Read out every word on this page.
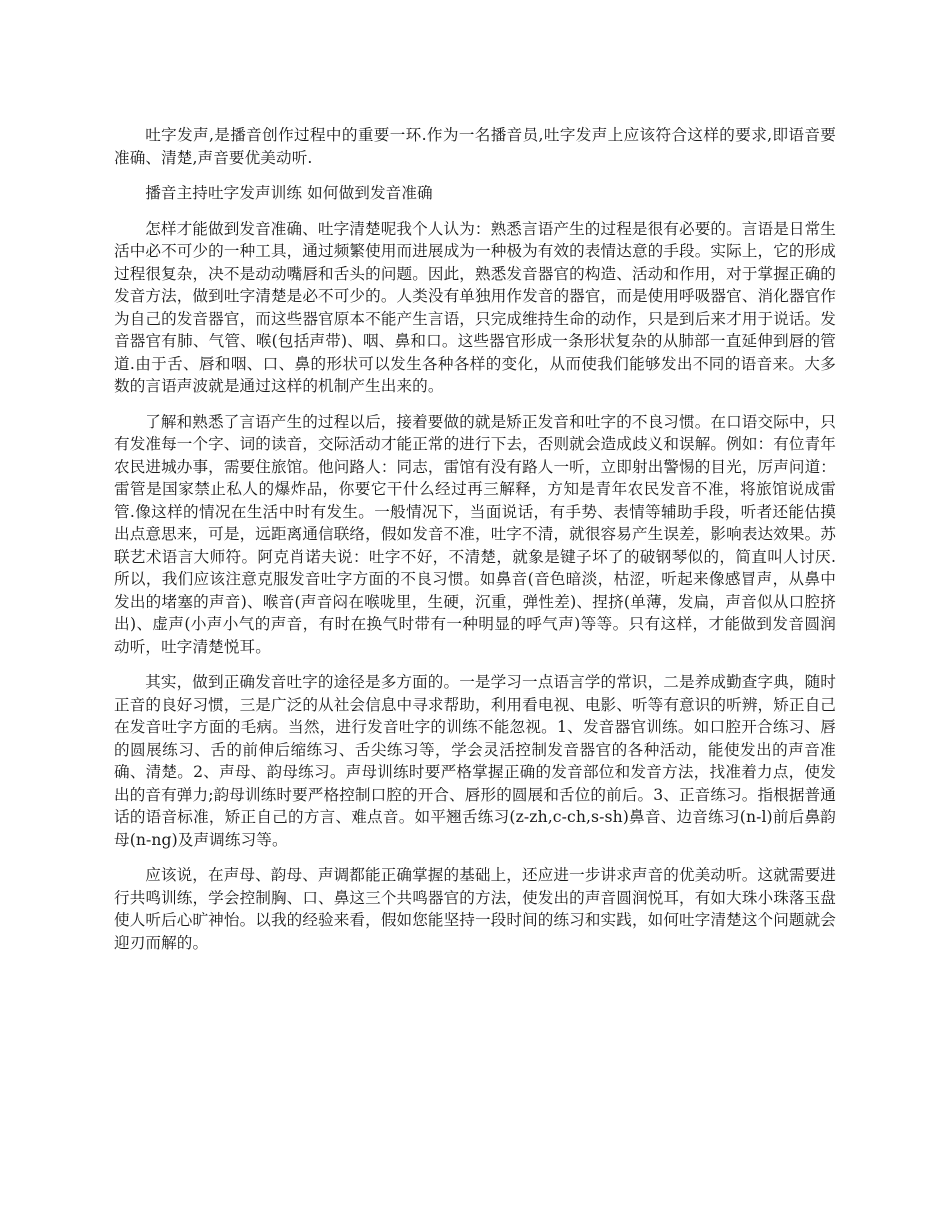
吐字发声,是播音创作过程中的重要一环.作为一名播音员,吐字发声上应该符合这样的要求,即语音要准确、清楚,声音要优美动听.

播音主持吐字发声训练 如何做到发音准确

怎样才能做到发音准确、吐字清楚呢我个人认为：熟悉言语产生的过程是很有必要的。言语是日常生活中必不可少的一种工具，通过频繁使用而进展成为一种极为有效的表情达意的手段。实际上，它的形成过程很复杂，决不是动动嘴唇和舌头的问题。因此，熟悉发音器官的构造、活动和作用，对于掌握正确的发音方法，做到吐字清楚是必不可少的。人类没有单独用作发音的器官，而是使用呼吸器官、消化器官作为自己的发音器官，而这些器官原本不能产生言语，只完成维持生命的动作，只是到后来才用于说话。发音器官有肺、气管、喉(包括声带)、咽、鼻和口。这些器官形成一条形状复杂的从肺部一直延伸到唇的管道.由于舌、唇和咽、口、鼻的形状可以发生各种各样的变化，从而使我们能够发出不同的语音来。大多数的言语声波就是通过这样的机制产生出来的。

了解和熟悉了言语产生的过程以后，接着要做的就是矫正发音和吐字的不良习惯。在口语交际中，只有发准每一个字、词的读音，交际活动才能正常的进行下去，否则就会造成歧义和误解。例如：有位青年农民进城办事，需要住旅馆。他问路人：同志，雷馆有没有路人一听，立即射出警惕的目光，厉声问道：雷管是国家禁止私人的爆炸品，你要它干什么经过再三解释，方知是青年农民发音不准，将旅馆说成雷管.像这样的情况在生活中时有发生。一般情况下，当面说话，有手势、表情等辅助手段，听者还能估摸出点意思来，可是，远距离通信联络，假如发音不准，吐字不清，就很容易产生误差，影响表达效果。苏联艺术语言大师符。阿克肖诺夫说：吐字不好，不清楚，就象是键子坏了的破钢琴似的，简直叫人讨厌.所以，我们应该注意克服发音吐字方面的不良习惯。如鼻音(音色暗淡，枯涩，听起来像感冒声，从鼻中发出的堵塞的声音)、喉音(声音闷在喉咙里，生硬，沉重，弹性差)、捏挤(单薄，发扁，声音似从口腔挤出)、虚声(小声小气的声音，有时在换气时带有一种明显的呼气声)等等。只有这样，才能做到发音圆润动听，吐字清楚悦耳。

其实，做到正确发音吐字的途径是多方面的。一是学习一点语言学的常识，二是养成勤查字典，随时正音的良好习惯，三是广泛的从社会信息中寻求帮助，利用看电视、电影、听等有意识的听辨，矫正自己在发音吐字方面的毛病。当然，进行发音吐字的训练不能忽视。1、发音器官训练。如口腔开合练习、唇的圆展练习、舌的前伸后缩练习、舌尖练习等，学会灵活控制发音器官的各种活动，能使发出的声音准确、清楚。2、声母、韵母练习。声母训练时要严格掌握正确的发音部位和发音方法，找准着力点，使发出的音有弹力;韵母训练时要严格控制口腔的开合、唇形的圆展和舌位的前后。3、正音练习。指根据普通话的语音标准，矫正自己的方言、难点音。如平翘舌练习(z-zh,c-ch,s-sh)鼻音、边音练习(n-l)前后鼻韵母(n-ng)及声调练习等。

应该说，在声母、韵母、声调都能正确掌握的基础上，还应进一步讲求声音的优美动听。这就需要进行共鸣训练，学会控制胸、口、鼻这三个共鸣器官的方法，使发出的声音圆润悦耳，有如大珠小珠落玉盘使人听后心旷神怡。以我的经验来看，假如您能坚持一段时间的练习和实践，如何吐字清楚这个问题就会迎刃而解的。
